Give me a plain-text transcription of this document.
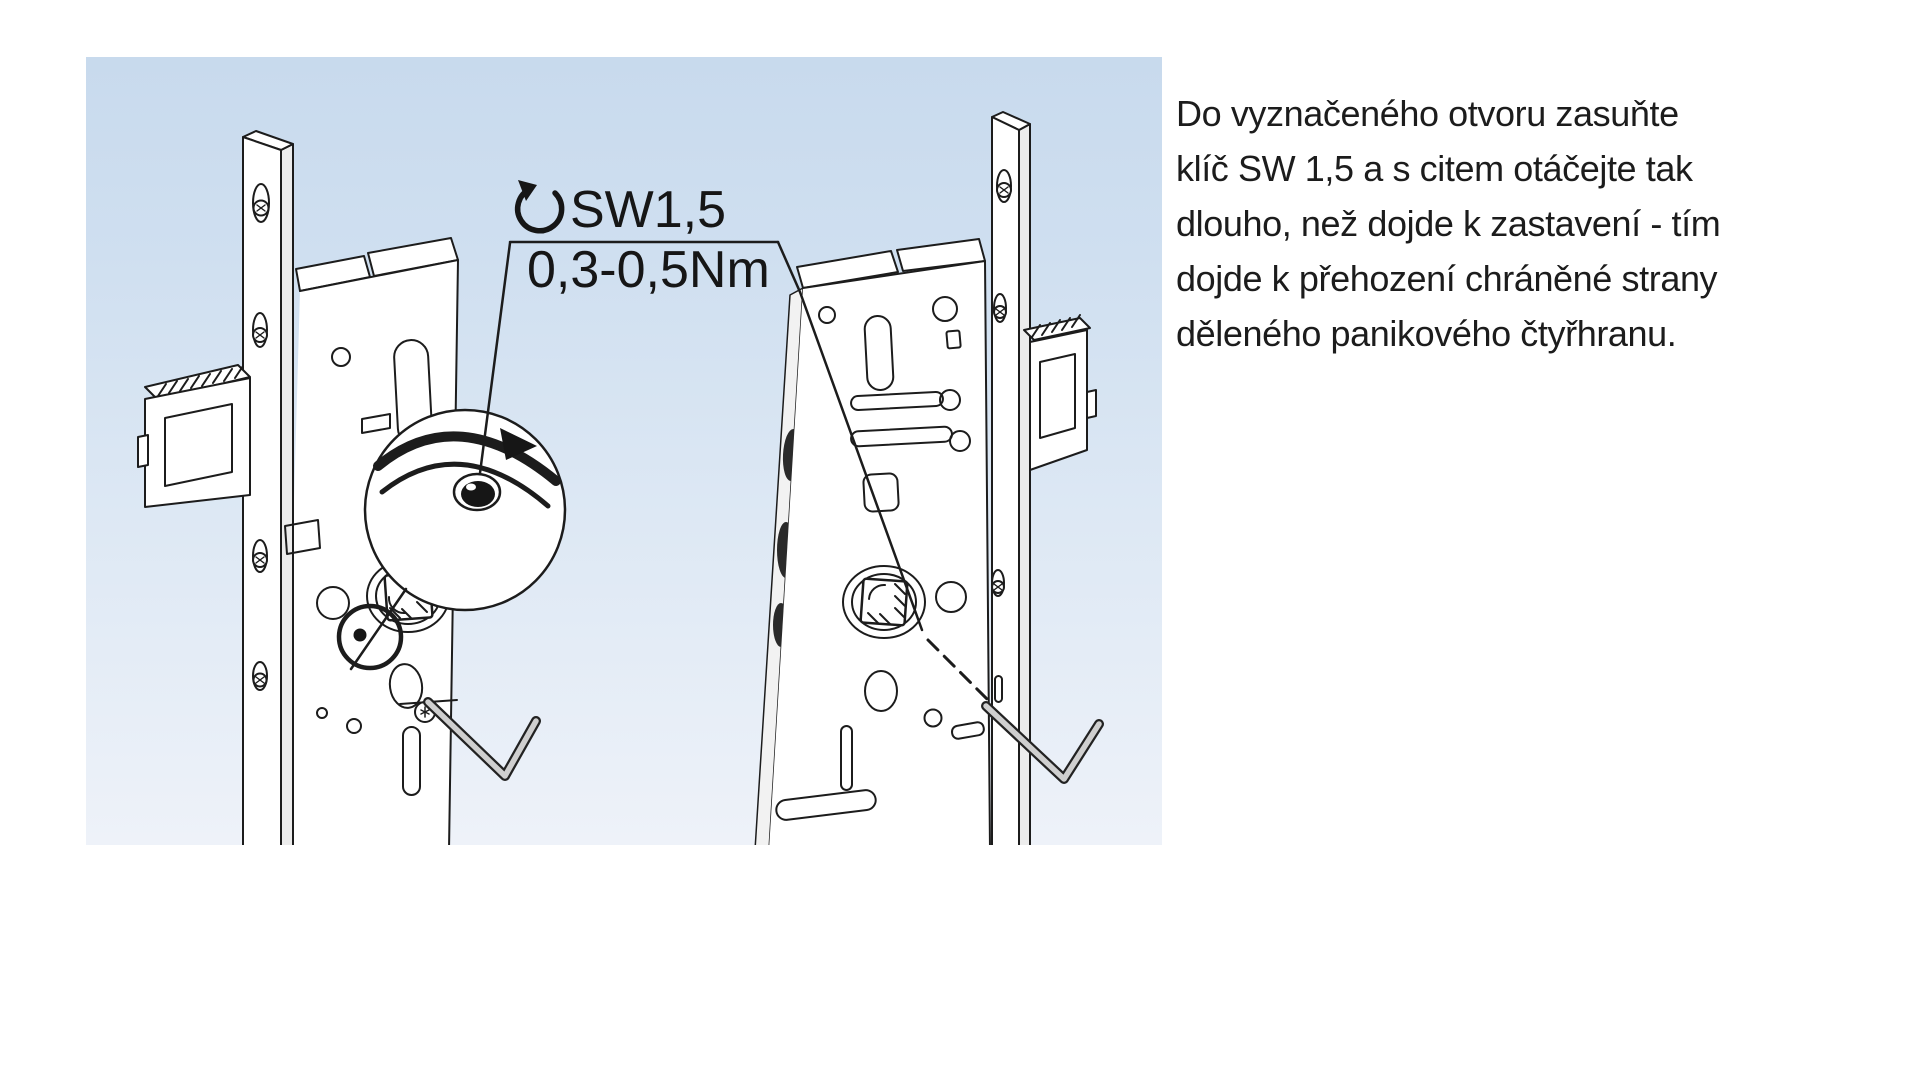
SW1,5
0,3-0,5Nm
Do vyznačeného otvoru zasuňte
klíč SW 1,5 a s citem otáčejte tak
dlouho, než dojde k zastavení - tím
dojde k přehození chráněné strany
děleného panikového čtyřhranu.
